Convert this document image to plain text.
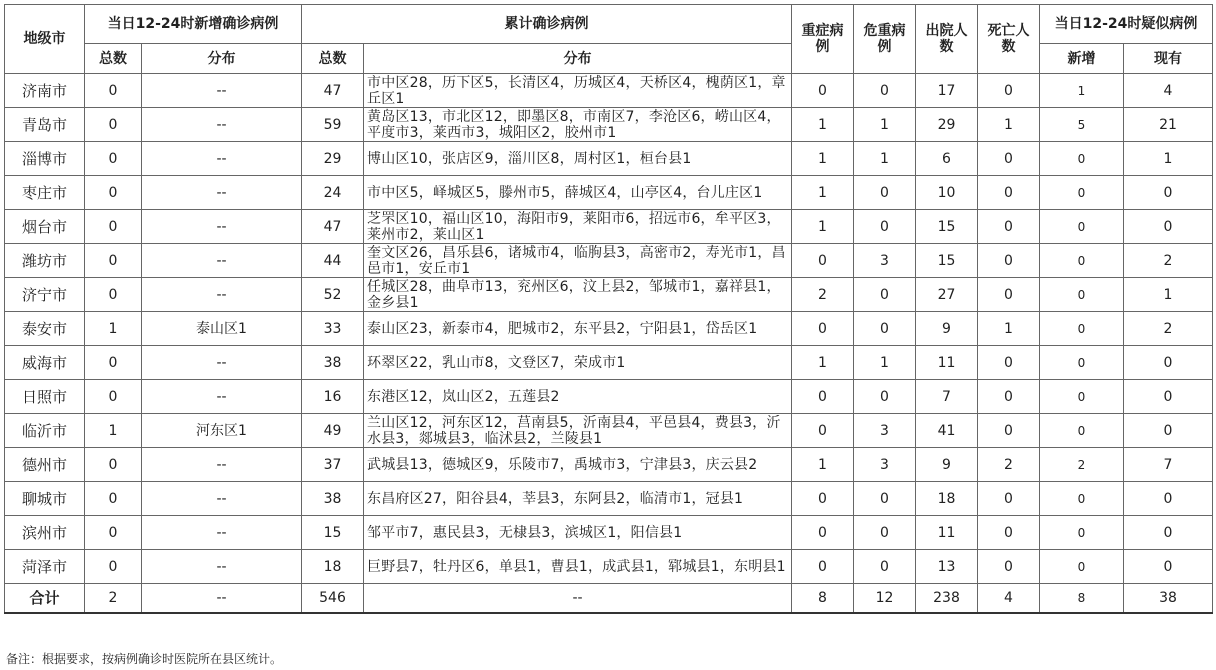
地级市	当日12-24时新增确诊病例		累计确诊病例		重症病例	危重病例	出院人数	死亡人数	当日12-24时疑似病例	
	总数	分布	总数	分布					新增	现有
济南市	0	--	47	市中区28，历下区5，长清区4，历城区4，天桥区4，槐荫区1，章丘区1	0	0	17	0	1	4
青岛市	0	--	59	黄岛区13，市北区12，即墨区8，市南区7，李沧区6，崂山区4，平度市3，莱西市3，城阳区2，胶州市1	1	1	29	1	5	21
淄博市	0	--	29	博山区10，张店区9，淄川区8，周村区1，桓台县1	1	1	6	0	0	1
枣庄市	0	--	24	市中区5，峄城区5，滕州市5，薛城区4，山亭区4，台儿庄区1	1	0	10	0	0	0
烟台市	0	--	47	芝罘区10，福山区10，海阳市9，莱阳市6，招远市6，牟平区3，莱州市2，莱山区1	1	0	15	0	0	0
潍坊市	0	--	44	奎文区26，昌乐县6，诸城市4，临朐县3，高密市2，寿光市1，昌邑市1，安丘市1	0	3	15	0	0	2
济宁市	0	--	52	任城区28，曲阜市13，兖州区6，汶上县2，邹城市1，嘉祥县1，金乡县1	2	0	27	0	0	1
泰安市	1	泰山区1	33	泰山区23，新泰市4，肥城市2，东平县2，宁阳县1，岱岳区1	0	0	9	1	0	2
威海市	0	--	38	环翠区22，乳山市8，文登区7，荣成市1	1	1	11	0	0	0
日照市	0	--	16	东港区12，岚山区2，五莲县2	0	0	7	0	0	0
临沂市	1	河东区1	49	兰山区12，河东区12，莒南县5，沂南县4，平邑县4，费县3，沂水县3，郯城县3，临沭县2，兰陵县1	0	3	41	0	0	0
德州市	0	--	37	武城县13，德城区9，乐陵市7，禹城市3，宁津县3，庆云县2	1	3	9	2	2	7
聊城市	0	--	38	东昌府区27，阳谷县4，莘县3，东阿县2，临清市1，冠县1	0	0	18	0	0	0
滨州市	0	--	15	邹平市7，惠民县3，无棣县3，滨城区1，阳信县1	0	0	11	0	0	0
菏泽市	0	--	18	巨野县7，牡丹区6，单县1，曹县1，成武县1，郓城县1，东明县1	0	0	13	0	0	0
合计	2	--	546	--	8	12	238	4	8	38
备注：根据要求，按病例确诊时医院所在县区统计。
